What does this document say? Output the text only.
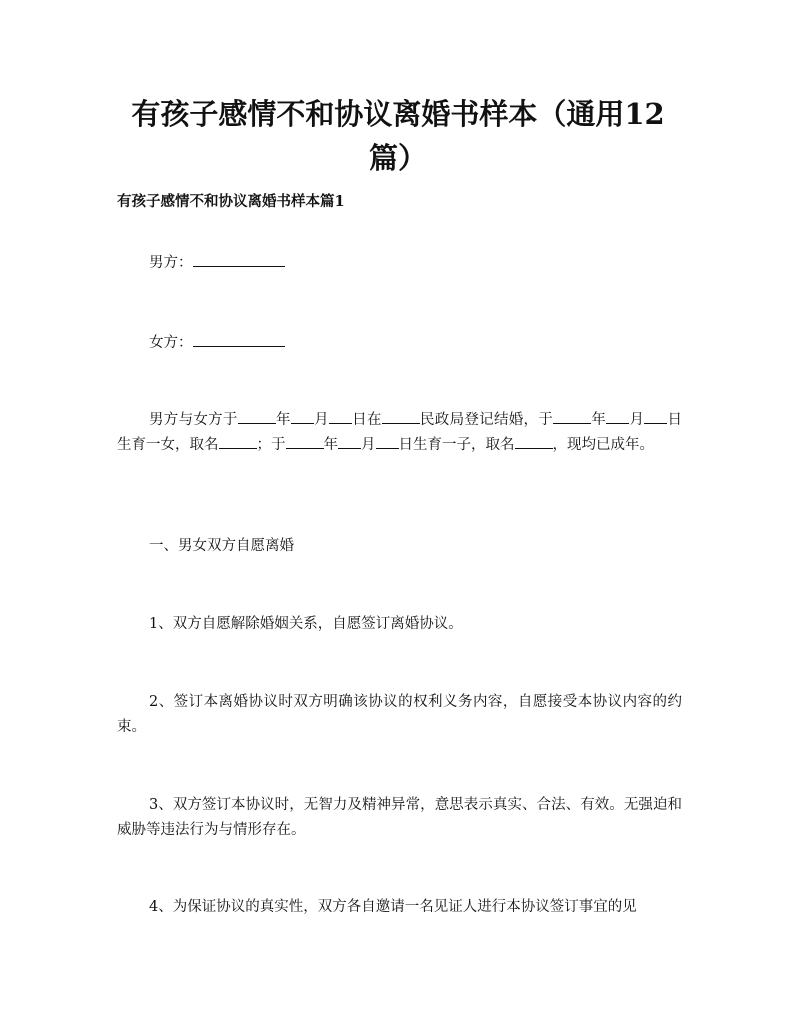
有孩子感情不和协议离婚书样本（通用12篇）

有孩子感情不和协议离婚书样本篇1

男方：

女方：

男方与女方于	年 月 日在	民政局登记结婚，于	年 月 日生育一女，取名	；于	年 月 日生育一子，取名	，现均已成年。

一、男女双方自愿离婚

1、双方自愿解除婚姻关系，自愿签订离婚协议。

2、签订本离婚协议时双方明确该协议的权利义务内容，自愿接受本协议内容的约束。

3、双方签订本协议时，无智力及精神异常，意思表示真实、合法、有效。无强迫和威胁等违法行为与情形存在。

4、为保证协议的真实性，双方各自邀请一名见证人进行本协议签订事宜的见
